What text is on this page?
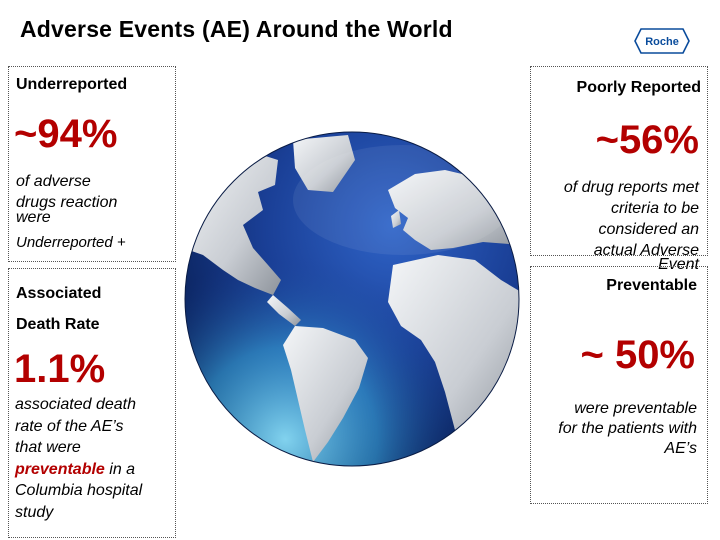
Adverse Events (AE) Around the World	Roche
Underreported
~94%
of adverse
drugs reaction
were
Underreported +
Associated
Death Rate
1.1%
associated death
rate of the AE’s
that were
preventable in a
Columbia hospital
study
Poorly Reported
~56%
of drug reports met
criteria to be
considered an
actual Adverse
Event
Preventable
~ 50%
were preventable
for the patients with
AE’s
